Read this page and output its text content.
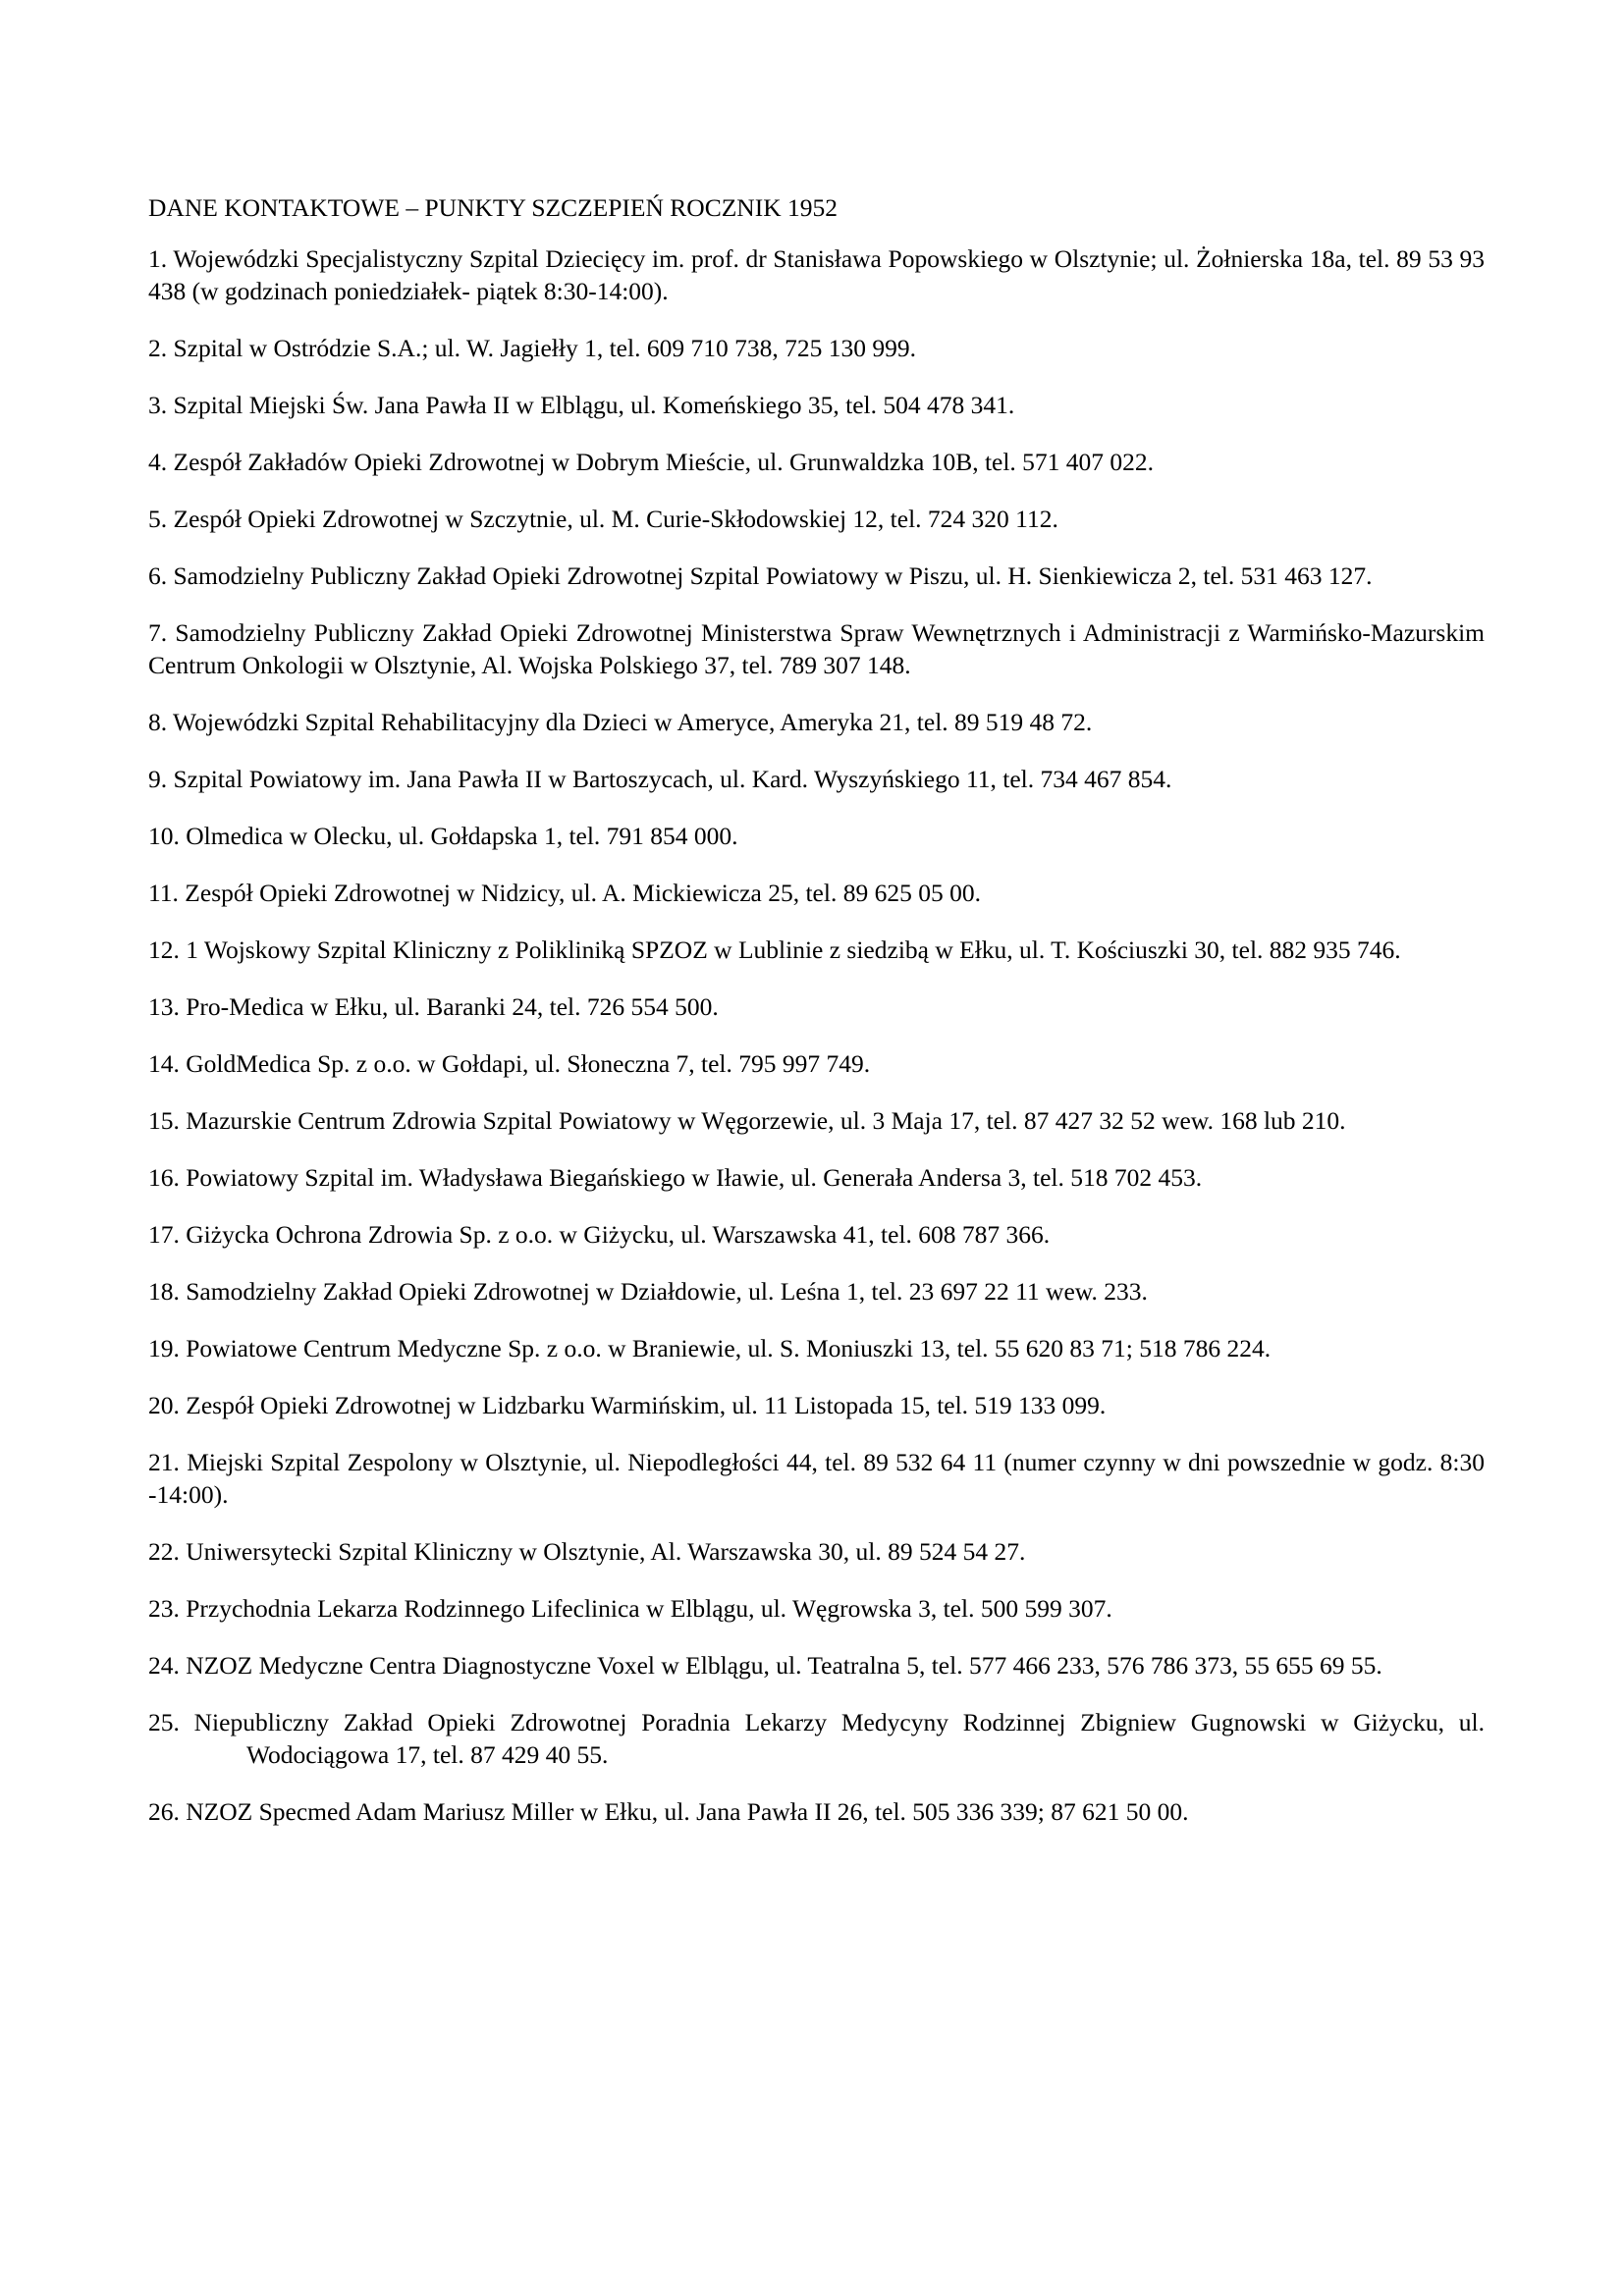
DANE KONTAKTOWE – PUNKTY SZCZEPIEŃ ROCZNIK 1952
1. Wojewódzki Specjalistyczny Szpital Dziecięcy im. prof. dr Stanisława Popowskiego w Olsztynie; ul. Żołnierska 18a, tel. 89 53 93 438 (w godzinach poniedziałek- piątek 8:30-14:00).
2. Szpital w Ostródzie S.A.; ul. W. Jagiełły 1, tel. 609 710 738, 725 130 999.
3. Szpital Miejski Św. Jana Pawła II w Elblągu, ul. Komeńskiego 35, tel. 504 478 341.
4. Zespół Zakładów Opieki Zdrowotnej w Dobrym Mieście, ul. Grunwaldzka 10B, tel. 571 407 022.
5. Zespół Opieki Zdrowotnej w Szczytnie, ul. M. Curie-Skłodowskiej 12, tel. 724 320 112.
6. Samodzielny Publiczny Zakład Opieki Zdrowotnej Szpital Powiatowy w Piszu, ul. H. Sienkiewicza 2, tel. 531 463 127.
7. Samodzielny Publiczny Zakład Opieki Zdrowotnej Ministerstwa Spraw Wewnętrznych i Administracji z Warmińsko-Mazurskim Centrum Onkologii w Olsztynie, Al. Wojska Polskiego 37, tel. 789 307 148.
8. Wojewódzki Szpital Rehabilitacyjny dla Dzieci w Ameryce, Ameryka 21, tel. 89 519 48 72.
9. Szpital Powiatowy im. Jana Pawła II w Bartoszycach, ul. Kard. Wyszyńskiego 11, tel. 734 467 854.
10. Olmedica w Olecku, ul. Gołdapska 1, tel. 791 854 000.
11. Zespół Opieki Zdrowotnej w Nidzicy, ul. A. Mickiewicza 25, tel. 89 625 05 00.
12. 1 Wojskowy Szpital Kliniczny z Polikliniką SPZOZ w Lublinie z siedzibą w Ełku, ul. T. Kościuszki 30, tel. 882 935 746.
13. Pro-Medica w Ełku, ul. Baranki 24, tel. 726 554 500.
14. GoldMedica Sp. z o.o. w Gołdapi, ul. Słoneczna 7, tel. 795 997 749.
15. Mazurskie Centrum Zdrowia Szpital Powiatowy w Węgorzewie, ul. 3 Maja 17, tel. 87 427 32 52 wew. 168 lub 210.
16. Powiatowy Szpital im. Władysława Biegańskiego w Iławie, ul. Generała Andersa 3, tel. 518 702 453.
17. Giżycka Ochrona Zdrowia Sp. z o.o. w Giżycku, ul. Warszawska 41, tel. 608 787 366.
18. Samodzielny Zakład Opieki Zdrowotnej w Działdowie, ul. Leśna 1, tel. 23 697 22 11 wew. 233.
19. Powiatowe Centrum Medyczne Sp. z o.o. w Braniewie, ul. S. Moniuszki 13, tel. 55 620 83 71; 518 786 224.
20. Zespół Opieki Zdrowotnej w Lidzbarku Warmińskim, ul. 11 Listopada 15, tel. 519 133 099.
21. Miejski Szpital Zespolony w Olsztynie, ul. Niepodległości 44, tel. 89 532 64 11 (numer czynny w dni powszednie w godz. 8:30 -14:00).
22. Uniwersytecki Szpital Kliniczny w Olsztynie, Al. Warszawska 30, ul. 89 524 54 27.
23. Przychodnia Lekarza Rodzinnego Lifeclinica w Elblągu, ul. Węgrowska 3, tel. 500 599 307.
24. NZOZ Medyczne Centra Diagnostyczne Voxel w Elblągu, ul. Teatralna 5, tel. 577 466 233, 576 786 373, 55 655 69 55.
25. Niepubliczny Zakład Opieki Zdrowotnej Poradnia Lekarzy Medycyny Rodzinnej Zbigniew Gugnowski w Giżycku, ul. Wodociągowa 17, tel. 87 429 40 55.
26. NZOZ Specmed Adam Mariusz Miller w Ełku, ul. Jana Pawła II 26, tel. 505 336 339; 87 621 50 00.
